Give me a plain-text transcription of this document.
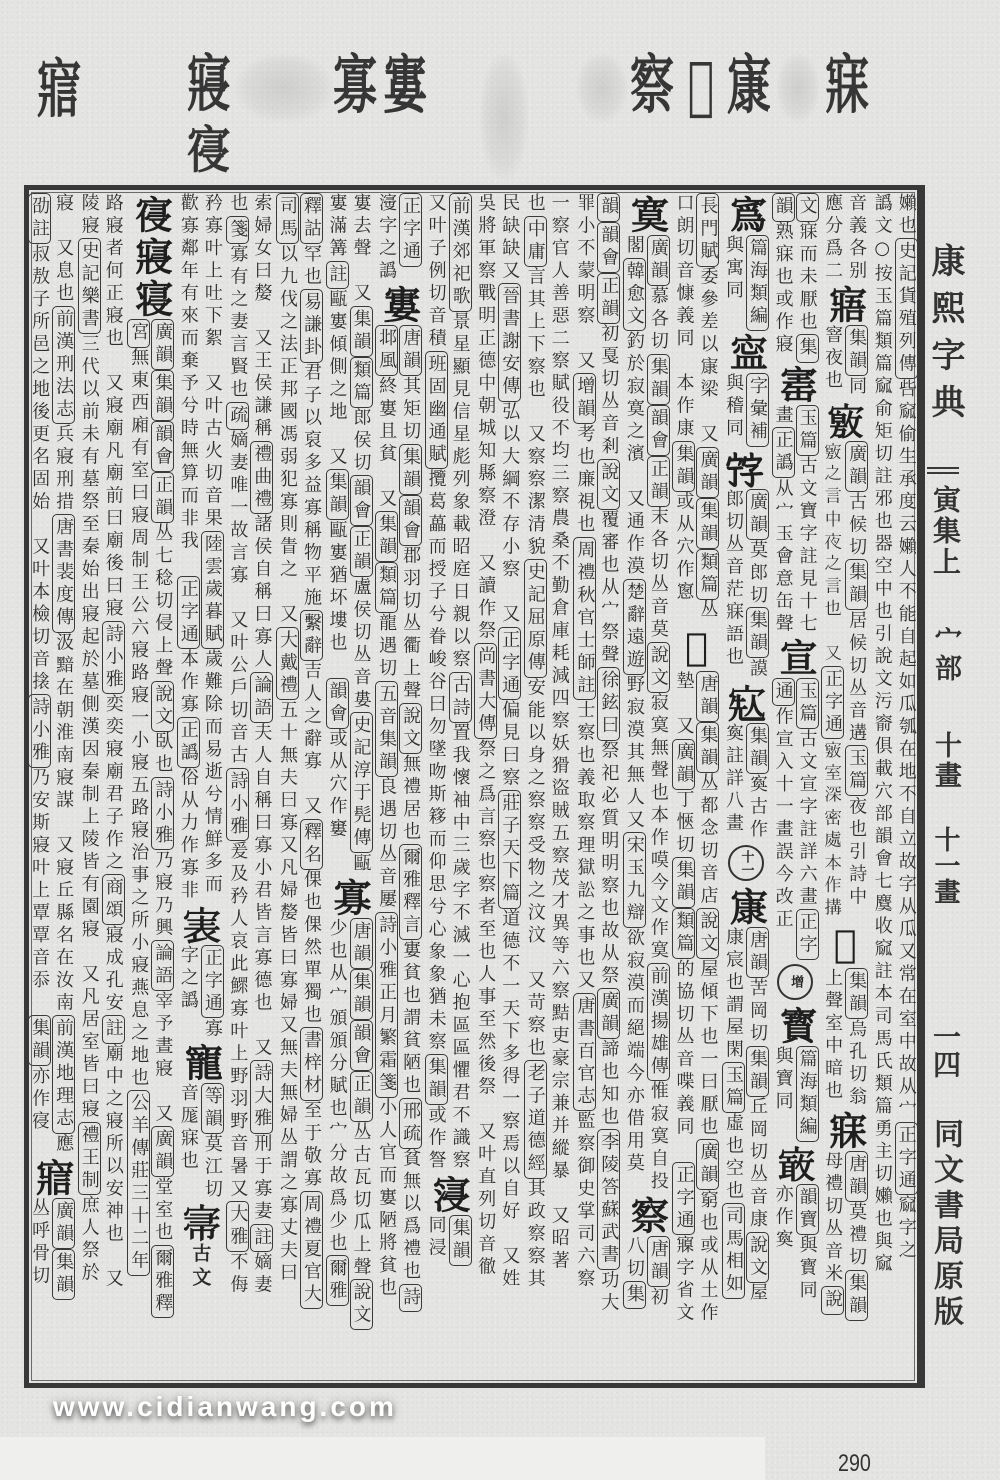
寐
㝩
𡫑
察
寠
寡
寢
寑
寣
嬾也史記貨殖列傳呰窳偷生承度云嬾人不能自起如瓜瓠在地不自立故字从瓜又常在室中故从宀正字通窳字之
譌文○按玉篇類篇窳俞矩切註邪也器空中也引說文污窬俱載穴部韻會七麌收窳註本司馬氏類篇勇主切嬾也與窳
音義各别
應分爲二
寤
集韻同
窨夜也
𡫀
廣韻古候切集韻居候切丛音遘玉篇夜也引詩中
𡫀之言中夜之言也　又正字通𡫀室深密處本作搆
𡫐
集韻烏孔切翁
上聲室中暗也
寐
唐韻莫禮切集韻
母禮切丛音米說
文寐而未厭也集
韻熟寐也或作寢
寚
玉篇古文寶字註見十七
畫正譌从宀玉會意缶聲
宣
玉篇古文宣字註詳六畫正字
通作宣入十一畫誤今改正
增
寳
篇海類編
與寶同
𡪯
韻寶與寳同
亦作寏
寪
篇海類編
與寓同
寍
字彙補
與稽同
𡨸
廣韻莫郎切集韻謨
郎切丛音茫寐語也
𡨷
集韻寏古作
寏註詳八畫
十一
㝩
唐韻苦岡切集韻丘岡切丛音康說文屋
康宸也謂屋閑玉篇虛也空也司馬相如
長門賦委參差以㝩梁　又廣韻集韻類篇丛
口朗切音慷義同　本作康集韻或从穴作窻
𡫑
唐韻集韻丛都念切音店說文屋傾下也一曰厭也廣韻窮也或从土作
墊　又廣韻丁愜切集韻類篇的協切丛音喋義同　正字通寱字省文
寞
廣韻慕各切集韻韻會正韻末各切丛音莫說文寂寞無聲也本作嗼今文作寞前漢揚雄傳惟寂寞自投
閣韓愈文釣於寂寞之濱　又通作漠楚辭遠遊野寂漠其無人又宋玉九辯欲寂漠而絕端今亦借用莫
察
唐韻初
八切集
韻韻會正韻初戛切丛音剎說文覆審也从宀祭聲徐鉉曰祭祀必質明明察也故从祭廣韻諦也知也李陵答蘇武書功大
罪小不蒙明察　又增韻考也廉視也周禮秋官士師註士察也義取察理獄訟之事也又唐書百官志監察御史掌司六察
一察官人善惡二察賦役不均三察農桑不勤倉庫耗減四察妖猾盜賊五察茂才異等六察黠吏豪宗兼并縱暴　又昭著
也中庸言其上下察也　又察察潔清貌史記屈原傳安能以身之察察受物之汶汶　又苛察也老子道德經其政察察其
民缺缺又晉書謝安傳弘以大綱不存小察　又正字通偏見曰察莊子天下篇道德不一天下多得一察焉以自好　又姓
吳將軍察戰明正德中朝城知縣察澄　又讀作祭尚書大傳祭之爲言察也察者至也人事至然後祭　又叶直列切音徹
前漢郊祀歌景星顯見信星彪列象載昭庭日親以察古詩置我懷袖中三歲字不滅一心抱區區懼君不識察
又叶子例切音積班固幽通賦攬葛藟而授子兮眷峻谷曰勿墜吻斯簃而仰思兮心象象猶未察集韻或作詧
寖
集韻
同浸
正字通
濅字之譌
寠
唐韻其矩切集韻韻會郡羽切丛衢上聲說文無禮居也爾雅釋言寠貧也謂貧陋也邢疏貧無以爲禮也詩
邶風終寠且貧　又集韻類篇龍遇切五音集韻良遇切丛音屢詩小雅正月繁霜箋小人官而寠陋將貧也
寠去聲　又集韻類篇郎侯切韻會正韻盧侯切丛音婁史記淳于髡傳甌
寠滿篝註甌寠傾側之地　又集韻甌寠猶坏塿也　韻會或从穴作窶
寡
唐韻集韻韻會正韻丛古瓦切瓜上聲說文
少也从宀頒頒分賦也宀分故爲少也爾雅
釋詁罕也易謙卦君子以裒多益寡稱物平施繫辭吉人之辭寡　又釋名倮也倮然單獨也書梓材至于敬寡周禮夏官大
司馬以九伐之法正邦國馮弱犯寡則眚之　又大戴禮五十無夫曰寡又凡婦嫠皆曰寡婦又無夫無婦丛謂之寡丈夫曰
索婦女曰嫠　又王侯謙稱禮曲禮諸侯自稱曰寡人論語夫人自稱曰寡小君皆言寡德也　又詩大雅刑于寡妻註嫡妻
也箋寡有之妻言賢也疏嫡妻唯一故言寡　又叶公戶切音古詩小雅爰及矜人哀此鰥寡叶上野羽野音暑又大雅不侮
矜寡叶上吐下絮　又叶古火切音果陸雲歲暮賦歲難除而易逝兮情鮮多而
歡寡鄰年有來而棄予兮時無算而非我　正字通本作寡正譌俗从力作寡非
𡨲
正字通寡
字之譌
寵
等韻莫江切
音厖寐也
𡨦
古文
寑
寢
寝
廣韻集韻韻會正韻丛七稔切侵上聲說文臥也詩小雅乃寢乃興論語宰予晝寢　又廣韻堂室也爾雅釋
宮無東西廂有室曰寢周制王公六寢路寢一小寢五路寢治事之所小寢燕息之地也公羊傳莊三十二年
路寢者何正寢也　又寢廟凡廟前曰廟後曰寢詩小雅奕奕寢廟君子作之商頌寢成孔安註廟中之寢所以安神也　又
陵寢史記樂書三代以前未有墓祭至秦始出寢起於墓側漢因秦制上陵皆有園寢　又凡居室皆曰寢禮王制庶人祭於
寢　又息也前漢刑法志兵寢刑措唐書裴度傳汲黯在朝淮南寢謀　又寢丘縣名在汝南前漢地理志應
劭註叔敖子所邑之地後更名固始　又叶本檢切音搇詩小雅乃安斯寢叶上覃覃音忝　集韻亦作寑
寣
廣韻集韻
丛呼骨切
康熙字典
寅集上
宀部
十畫
十一畫
一四
同文書局原版
www.cidianwang.com
290
